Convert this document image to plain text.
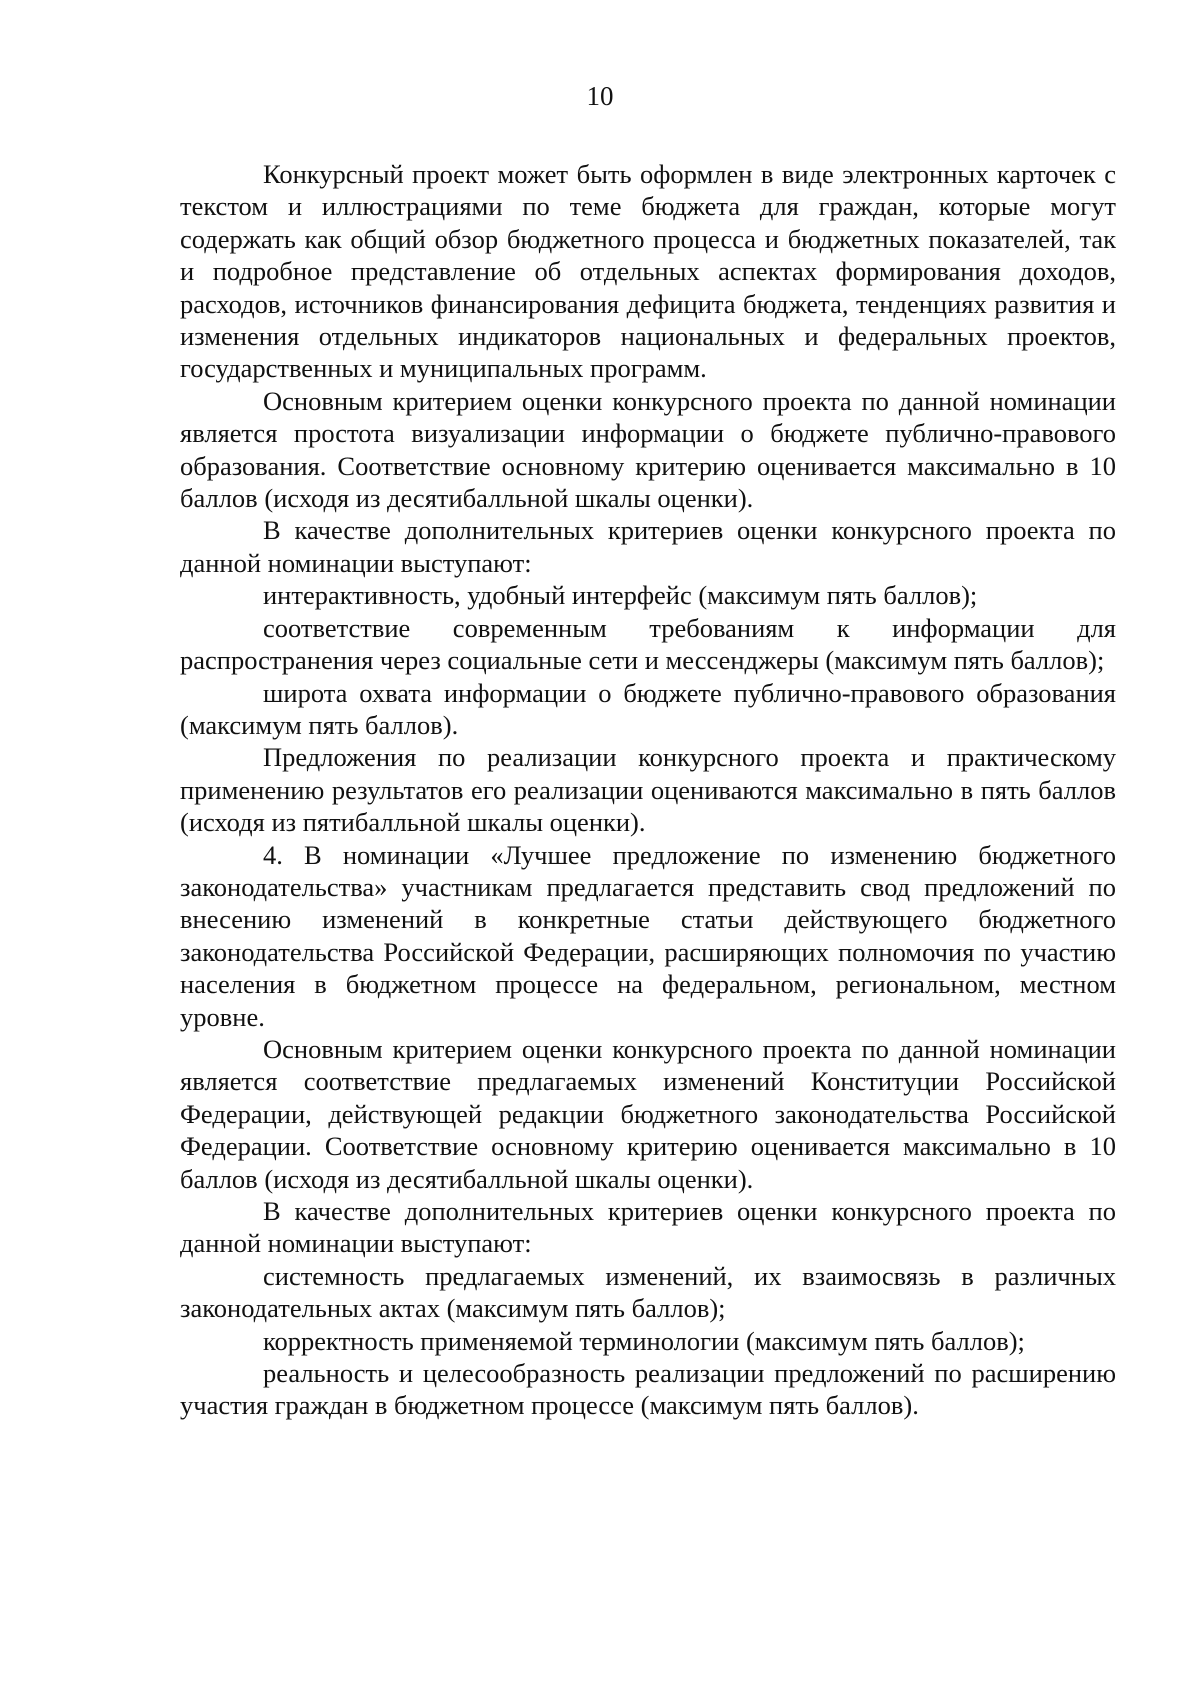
10

Конкурсный проект может быть оформлен в виде электронных карточек с текстом и иллюстрациями по теме бюджета для граждан, которые могут содержать как общий обзор бюджетного процесса и бюджетных показателей, так и подробное представление об отдельных аспектах формирования доходов, расходов, источников финансирования дефицита бюджета, тенденциях развития и изменения отдельных индикаторов национальных и федеральных проектов, государственных и муниципальных программ.

Основным критерием оценки конкурсного проекта по данной номинации является простота визуализации информации о бюджете публично-правового образования. Соответствие основному критерию оценивается максимально в 10 баллов (исходя из десятибалльной шкалы оценки).

В качестве дополнительных критериев оценки конкурсного проекта по данной номинации выступают:

интерактивность, удобный интерфейс (максимум пять баллов);

соответствие современным требованиям к информации для распространения через социальные сети и мессенджеры (максимум пять баллов);

широта охвата информации о бюджете публично-правового образования (максимум пять баллов).

Предложения по реализации конкурсного проекта и практическому применению результатов его реализации оцениваются максимально в пять баллов (исходя из пятибалльной шкалы оценки).

4. В номинации «Лучшее предложение по изменению бюджетного законодательства» участникам предлагается представить свод предложений по внесению изменений в конкретные статьи действующего бюджетного законодательства Российской Федерации, расширяющих полномочия по участию населения в бюджетном процессе на федеральном, региональном, местном уровне.

Основным критерием оценки конкурсного проекта по данной номинации является соответствие предлагаемых изменений Конституции Российской Федерации, действующей редакции бюджетного законодательства Российской Федерации. Соответствие основному критерию оценивается максимально в 10 баллов (исходя из десятибалльной шкалы оценки).

В качестве дополнительных критериев оценки конкурсного проекта по данной номинации выступают:

системность предлагаемых изменений, их взаимосвязь в различных законодательных актах (максимум пять баллов);

корректность применяемой терминологии (максимум пять баллов);

реальность и целесообразность реализации предложений по расширению участия граждан в бюджетном процессе (максимум пять баллов).
